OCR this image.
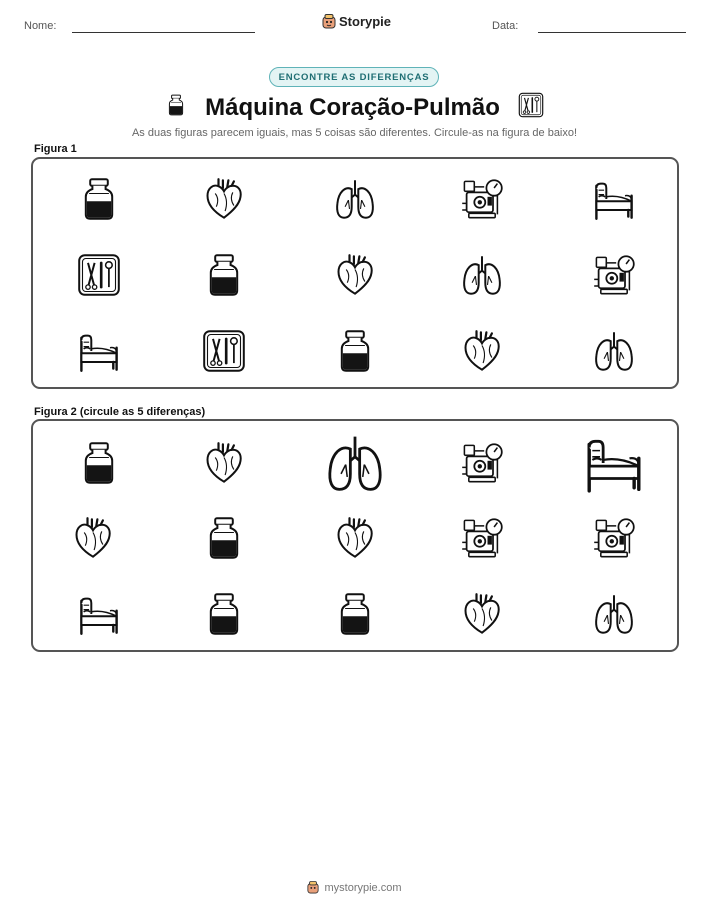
Nome:	Storypie	Data:
ENCONTRE AS DIFERENÇAS
Máquina Coração-Pulmão
As duas figuras parecem iguais, mas 5 coisas são diferentes. Circule-as na figura de baixo!
Figura 1
Figura 2 (circule as 5 diferenças)
mystorypie.com
